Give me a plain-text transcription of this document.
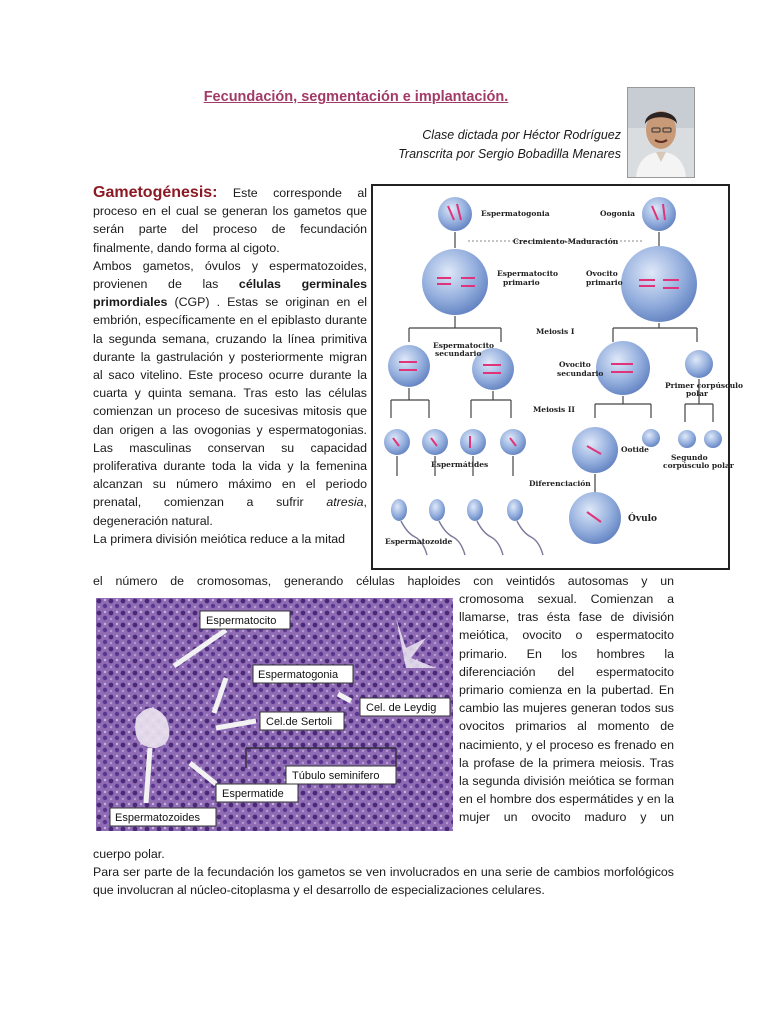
Fecundación, segmentación e implantación.
Clase dictada por Héctor Rodríguez
Transcrita por Sergio Bobadilla Menares
Gametogénesis: Este corresponde al proceso en el cual se generan los gametos que serán parte del proceso de fecundación finalmente, dando forma al cigoto.
Ambos gametos, óvulos y espermatozoides, provienen de las células germinales primordiales (CGP) . Estas se originan en el embrión, específicamente en el epiblasto durante la segunda semana, cruzando la línea primitiva durante la gastrulación y posteriormente migran al saco vitelino. Este proceso ocurre durante la cuarta y quinta semana. Tras esto las células comienzan un proceso de sucesivas mitosis que dan origen a las ovogonias y espermatogonias. Las masculinas conservan su capacidad proliferativa durante toda la vida y la femenina alcanzan su número máximo en el periodo prenatal, comienzan a sufrir atresia, degeneración natural.
La primera división meiótica reduce a la mitad
el número de cromosomas, generando células haploides con veintidós autosomas y un
cromosoma sexual. Comienzan a llamarse, tras ésta fase de división meiótica, ovocito o espermatocito primario. En los hombres la diferenciación del espermatocito primario comienza en la pubertad. En cambio las mujeres generan todos sus ovocitos primarios al momento de nacimiento, y el proceso es frenado en la profase de la primera meiosis. Tras la segunda división meiótica se forman en el hombre dos espermátides y en la mujer un ovocito maduro y un
cuerpo polar.
Para ser parte de la fecundación los gametos se ven involucrados en una serie de cambios morfológicos que involucran al núcleo-citoplasma y el desarrollo de especializaciones celulares.
Espermatogonia	Oogonia
Crecimiento-Maduración
Espermatocito
primario
Ovocito
primario
Meiosis I
Espermatocito
secundario
Ovocito
secundario
Primer corpúsculo
polar
Meiosis II
Espermátides
Ootide
Segundo
corpúsculo polar
Diferenciación
Óvulo
Espermatozoide
Espermatocito
Espermatogonia
Cel. de Leydig
Cel.de Sertoli
Túbulo seminifero
Espermatide
Espermatozoides
